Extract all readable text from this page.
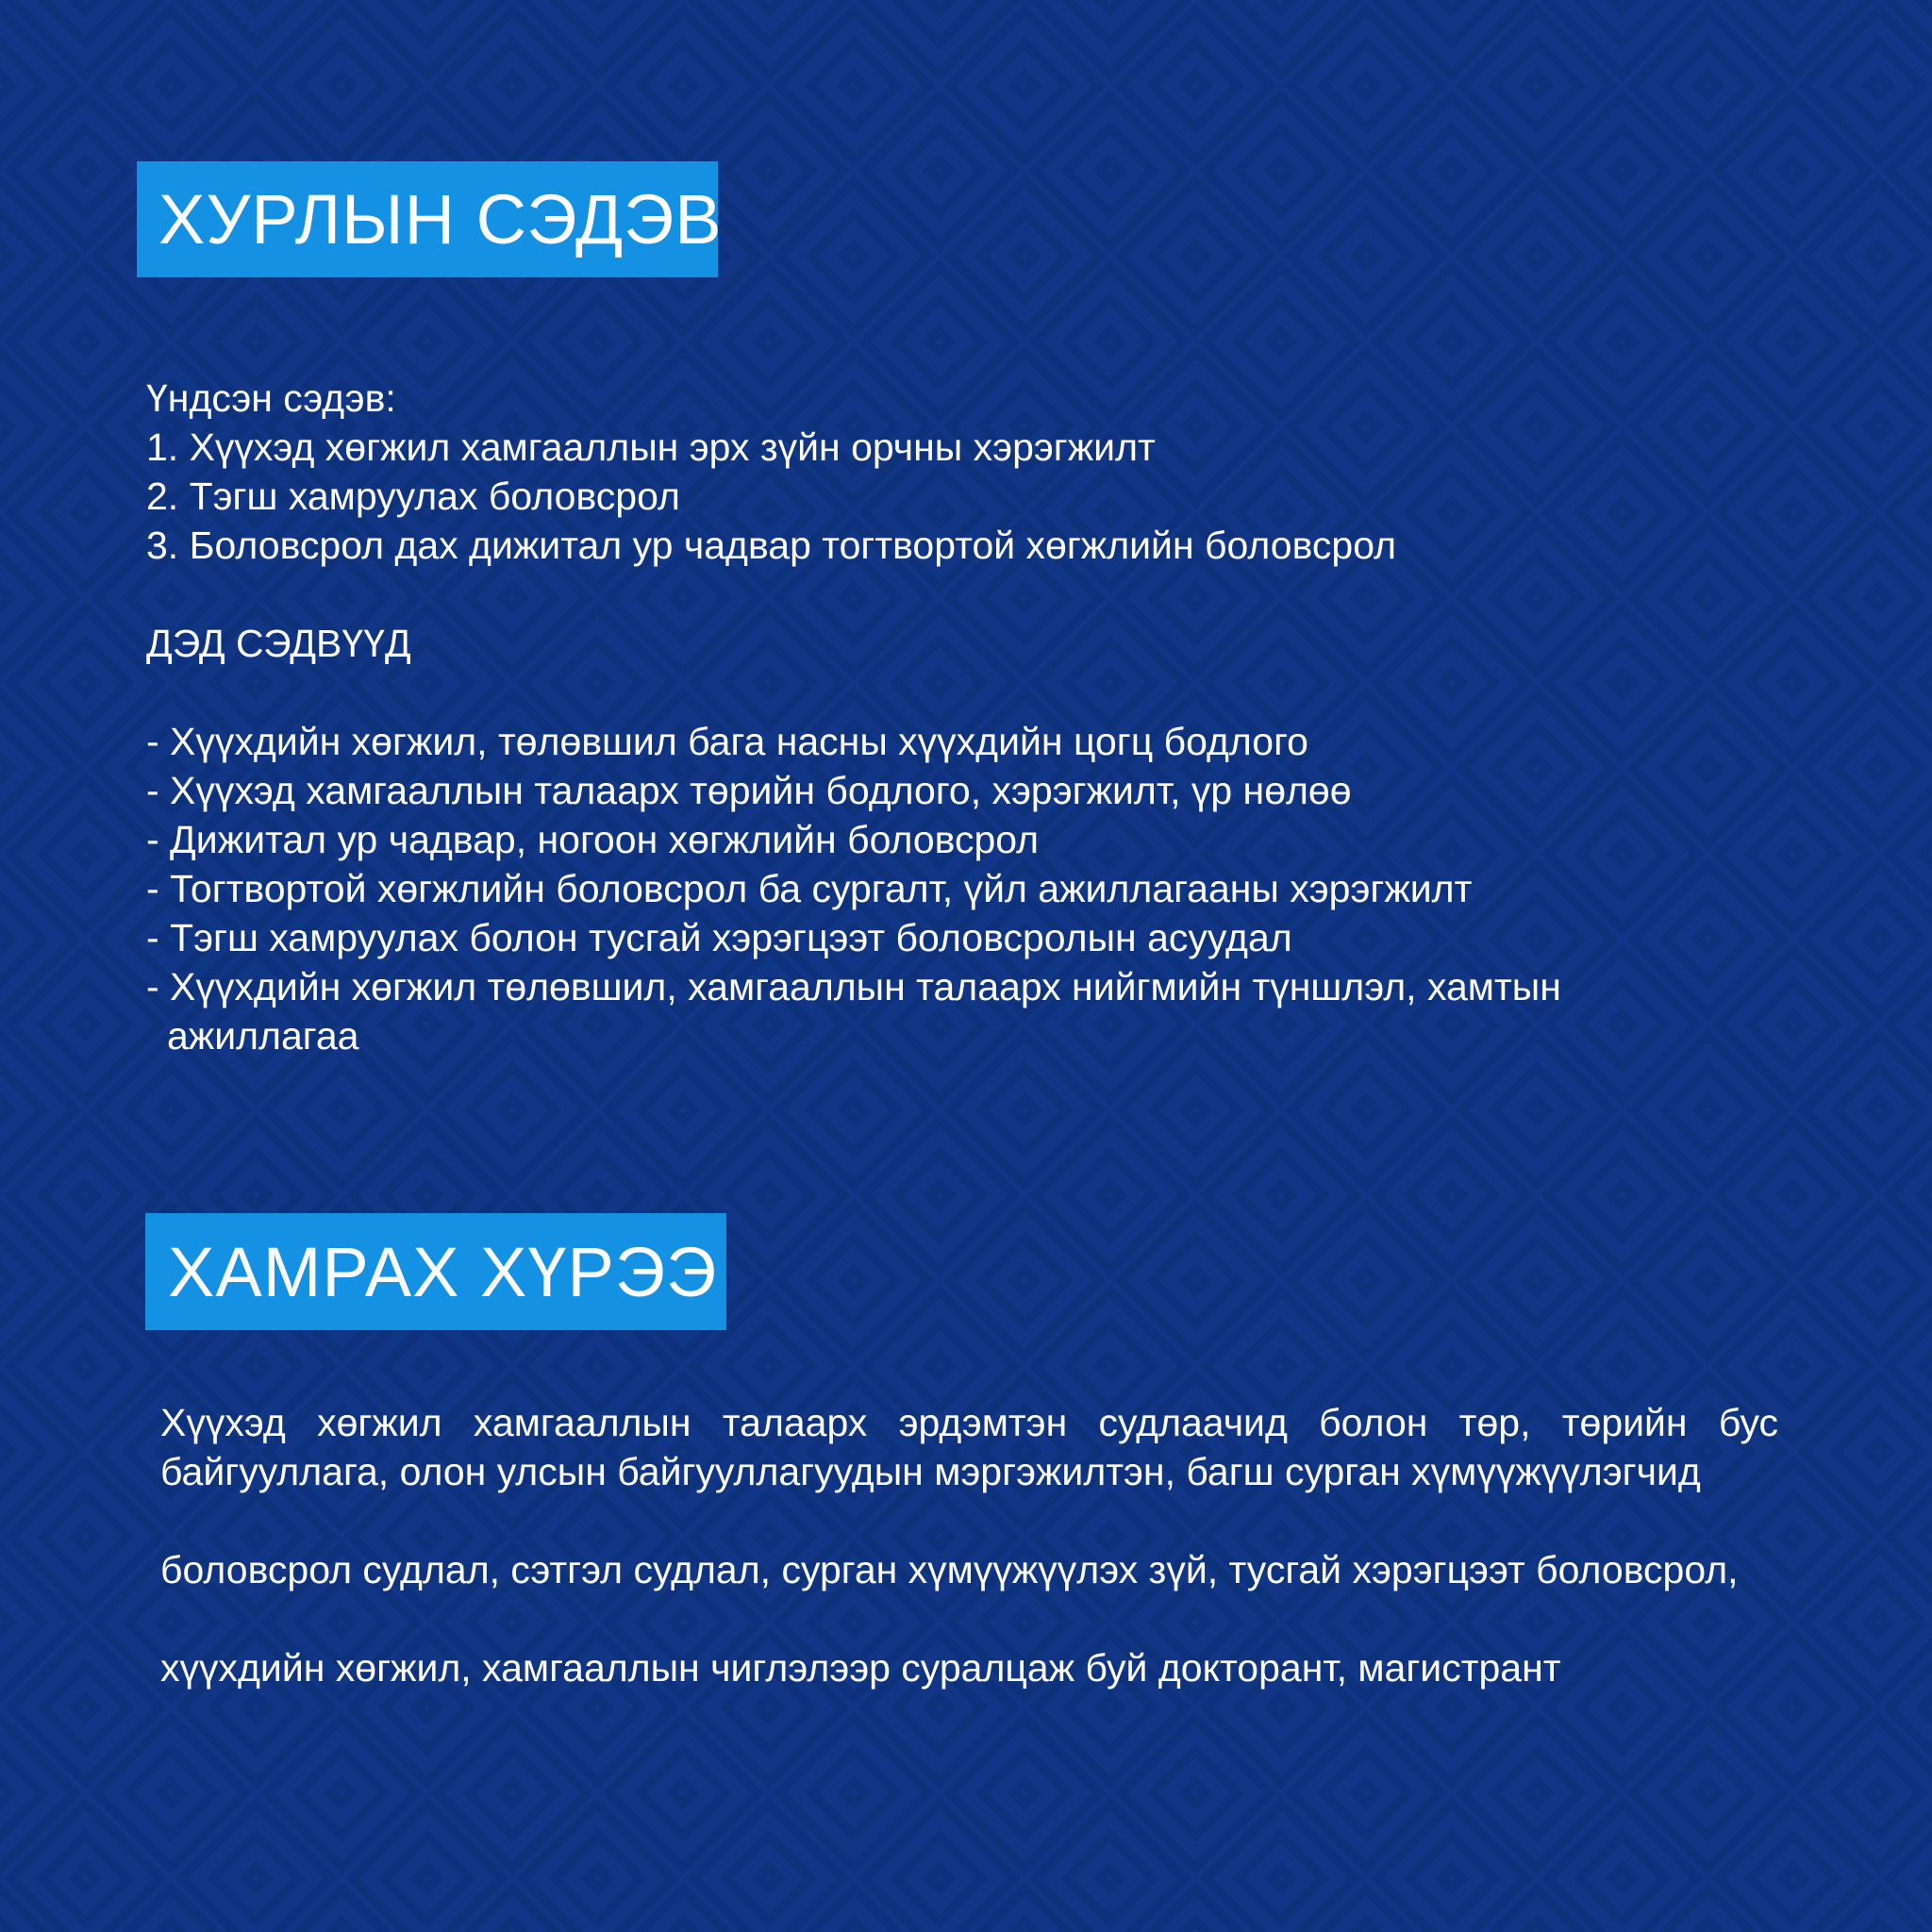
ХУРЛЫН СЭДЭВ
Үндсэн сэдэв:
1. Хүүхэд хөгжил хамгааллын эрх зүйн орчны хэрэгжилт
2. Тэгш хамруулах боловсрол
3. Боловсрол дах дижитал ур чадвар тогтвортой хөгжлийн боловсрол
ДЭД СЭДВҮҮД
- Хүүхдийн хөгжил, төлөвшил бага насны хүүхдийн цогц бодлого
- Хүүхэд хамгааллын талаарх төрийн бодлого, хэрэгжилт, үр нөлөө
- Дижитал ур чадвар, ногоон хөгжлийн боловсрол
- Тогтвортой хөгжлийн боловсрол ба сургалт, үйл ажиллагааны хэрэгжилт
- Тэгш хамруулах болон тусгай хэрэгцээт боловсролын асуудал
- Хүүхдийн хөгжил төлөвшил, хамгааллын талаарх нийгмийн түншлэл, хамтын
ажиллагаа
ХАМРАХ ХҮРЭЭ

Хүүхэд хөгжил хамгааллын талаарх эрдэмтэн судлаачид болон төр, төрийн бус байгууллага, олон улсын байгууллагуудын мэргэжилтэн, багш сурган хүмүүжүүлэгчид

боловсрол судлал, сэтгэл судлал, сурган хүмүүжүүлэх зүй, тусгай хэрэгцээт боловсрол,

хүүхдийн хөгжил, хамгааллын чиглэлээр суралцаж буй докторант, магистрант
